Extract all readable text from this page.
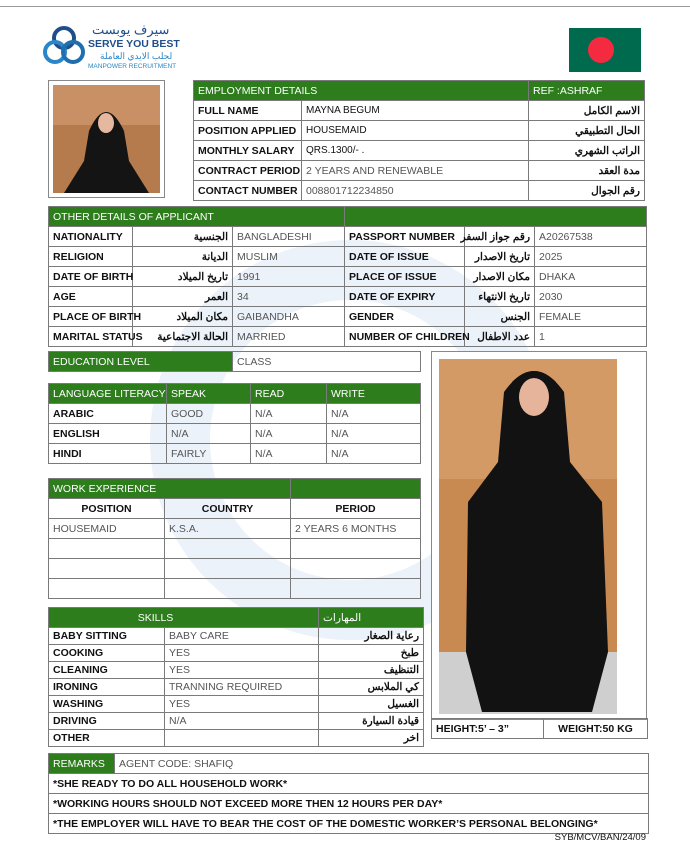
سيرف يوبست
SERVE YOU BEST
لجلب الايدي العاملة
MANPOWER RECRUITMENT
EMPLOYMENT DETAILS		REF :ASHRAF
FULL NAME	MAYNA BEGUM	الاسم الكامل
POSITION APPLIED	HOUSEMAID	الحال التطبيقي
MONTHLY SALARY	QRS.1300/- .	الراتب الشهري
CONTRACT PERIOD	2 YEARS AND RENEWABLE	مدة العقد
CONTACT NUMBER	008801712234850	رقم الجوال
OTHER DETAILS OF APPLICANT					
NATIONALITY	الجنسية	BANGLADESHI	PASSPORT NUMBER	رقم جواز السفر	A20267538
RELIGION	الديانة	MUSLIM	DATE OF ISSUE	تاريخ الاصدار	2025
DATE OF BIRTH	تاريخ الميلاد	1991	PLACE OF ISSUE	مكان الاصدار	DHAKA
AGE	العمر	34	DATE OF EXPIRY	تاريخ الانتهاء	2030
PLACE OF BIRTH	مكان الميلاد	GAIBANDHA	GENDER	الجنس	FEMALE
MARITAL STATUS	الحالة الاجتماعية	MARRIED	NUMBER OF CHILDREN	عدد الاطفال	1
EDUCATION LEVEL	CLASS
LANGUAGE LITERACY	SPEAK	READ	WRITE
ARABIC	GOOD	N/A	N/A
ENGLISH	N/A	N/A	N/A
HINDI	FAIRLY	N/A	N/A
WORK EXPERIENCE		
POSITION	COUNTRY	PERIOD
HOUSEMAID	K.S.A.	2 YEARS 6 MONTHS

SKILLS		المهارات
BABY SITTING	BABY CARE	رعاية الصغار
COOKING	YES	طبخ
CLEANING	YES	التنظيف
IRONING	TRANNING REQUIRED	كي الملابس
WASHING	YES	الغسيل
DRIVING	N/A	قيادة السيارة
OTHER		اخر
HEIGHT:5’ – 3”	WEIGHT:50 KG
REMARKS	AGENT CODE: SHAFIQ
*SHE READY TO DO ALL HOUSEHOLD WORK*
*WORKING HOURS SHOULD NOT EXCEED MORE THEN 12 HOURS PER DAY*
*THE EMPLOYER WILL HAVE TO BEAR THE COST OF THE DOMESTIC WORKER’S PERSONAL BELONGING*
SYB/MCV/BAN/24/09
